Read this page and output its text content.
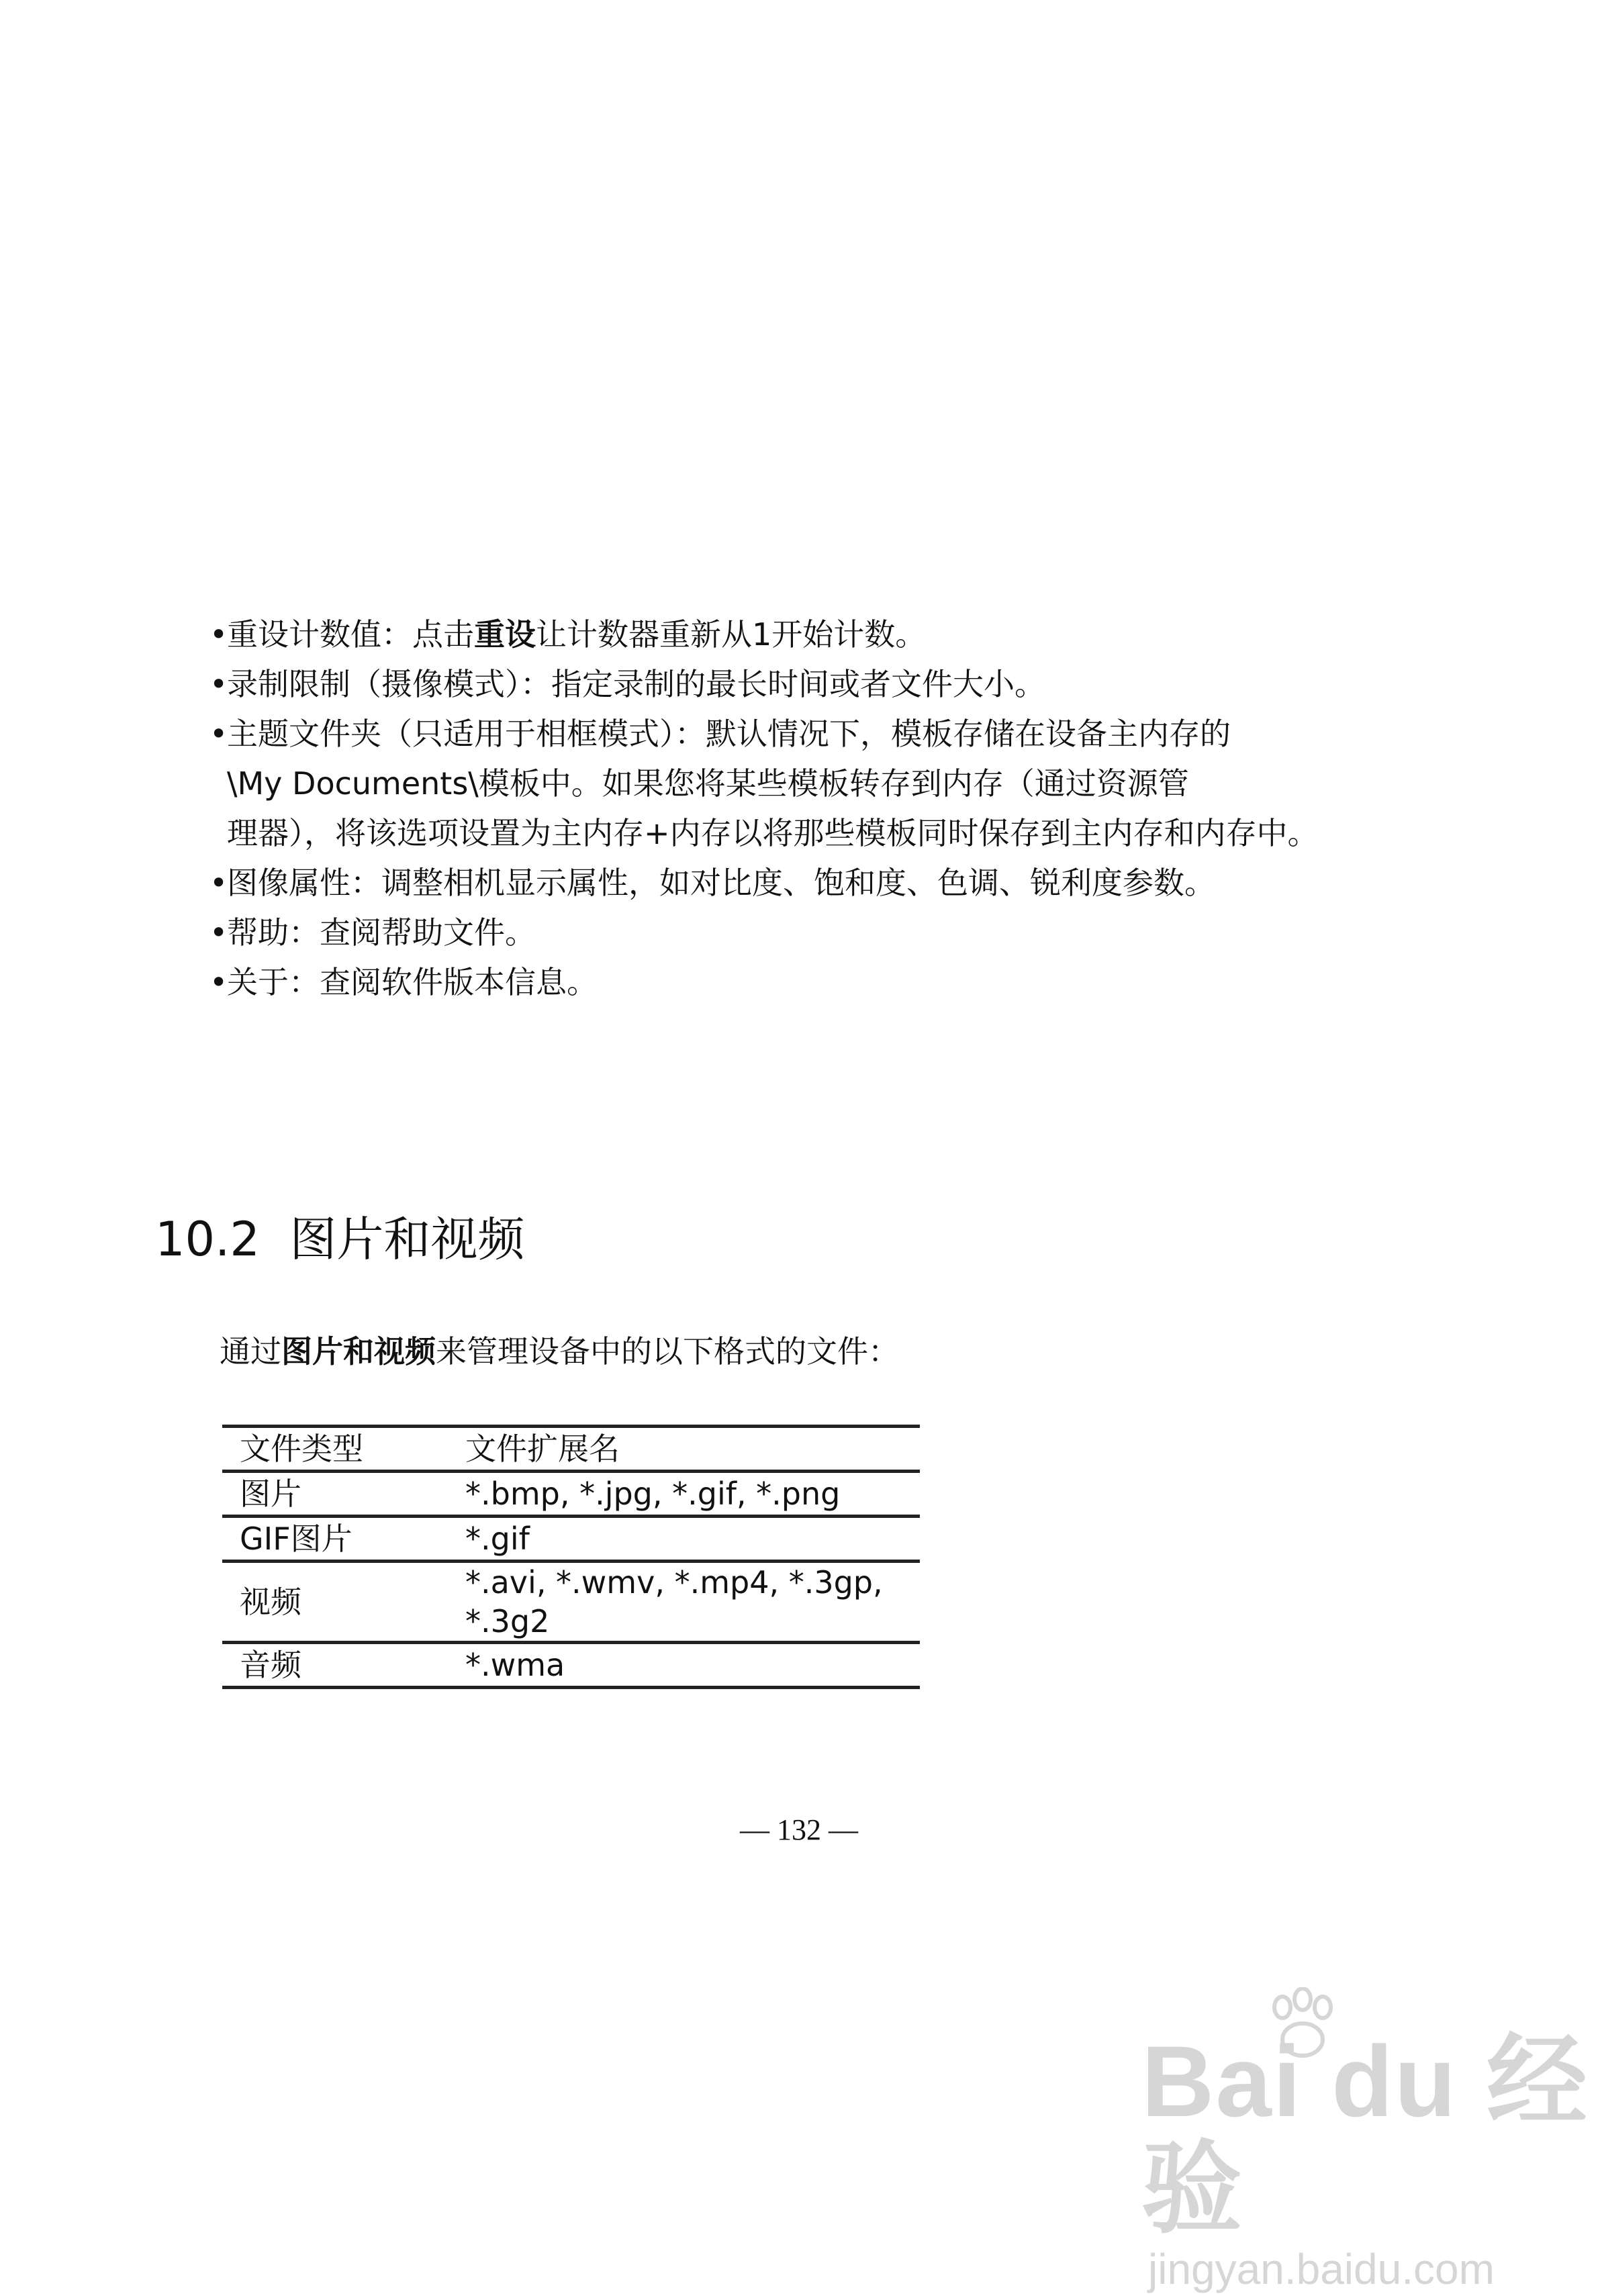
• 重设计数值：点击重设让计数器重新从1开始计数。
• 录制限制（摄像模式）：指定录制的最长时间或者文件大小。
• 主题文件夹（只适用于相框模式）：默认情况下，模板存储在设备主内存的
\My Documents\模板中。如果您将某些模板转存到内存（通过资源管
理器），将该选项设置为主内存+内存以将那些模板同时保存到主内存和内存中。
• 图像属性：调整相机显示属性，如对比度、饱和度、色调、锐利度参数。
• 帮助：查阅帮助文件。
• 关于：查阅软件版本信息。
10.2  图片和视频

通过图片和视频来管理设备中的以下格式的文件：

文件类型	文件扩展名
图片	*.bmp, *.jpg, *.gif, *.png
GIF图片	*.gif
视频	*.avi, *.wmv, *.mp4, *.3gp, *.3g2
音频	*.wma
— 132 —
Bai du 经验
jingyan.baidu.com
